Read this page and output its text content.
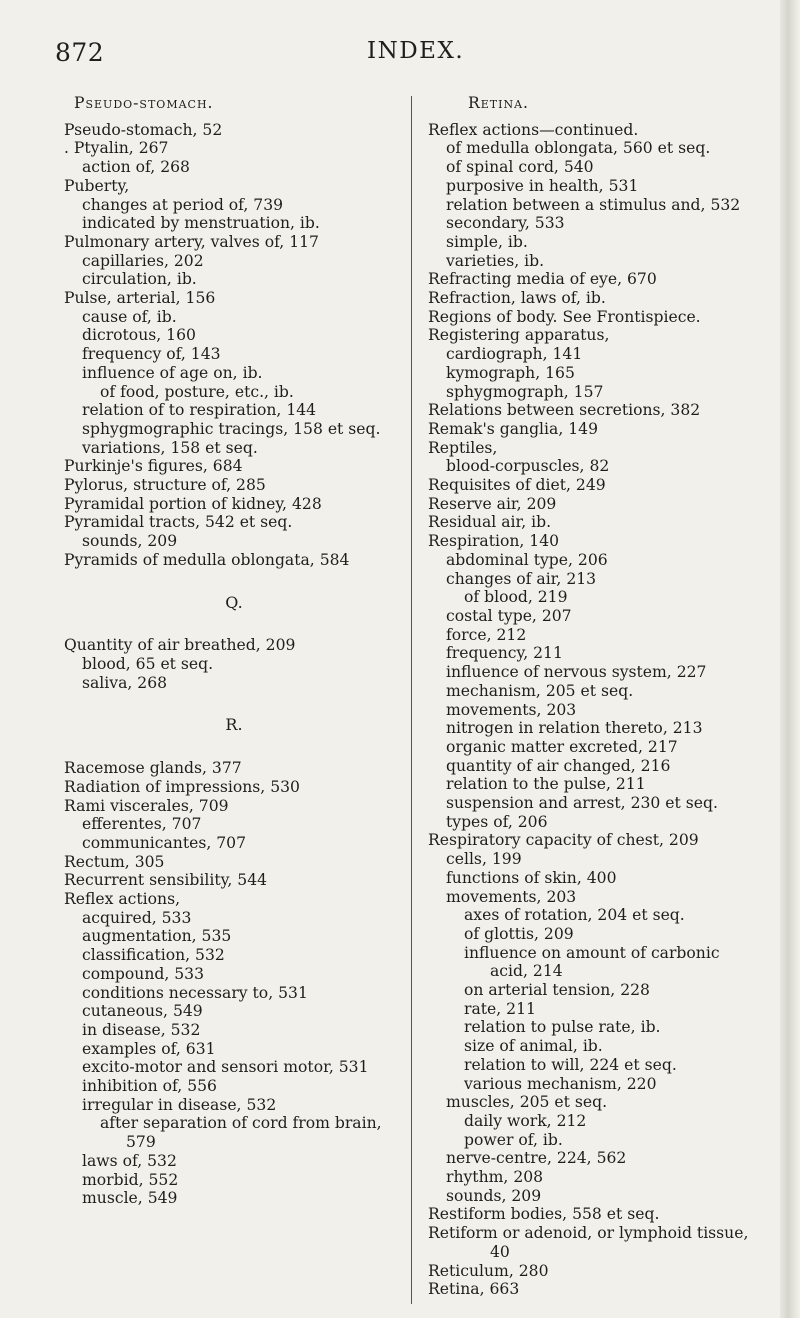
872	INDEX.
Pseudo-stomach.
Pseudo-stomach, 52
. Ptyalin, 267
action of, 268
Puberty,
changes at period of, 739
indicated by menstruation, ib.
Pulmonary artery, valves of, 117
capillaries, 202
circulation, ib.
Pulse, arterial, 156
cause of, ib.
dicrotous, 160
frequency of, 143
influence of age on, ib.
of food, posture, etc., ib.
relation of to respiration, 144
sphygmographic tracings, 158 et seq.
variations, 158 et seq.
Purkinje's figures, 684
Pylorus, structure of, 285
Pyramidal portion of kidney, 428
Pyramidal tracts, 542 et seq.
sounds, 209
Pyramids of medulla oblongata, 584
Q.
Quantity of air breathed, 209
blood, 65 et seq.
saliva, 268
R.
Racemose glands, 377
Radiation of impressions, 530
Rami viscerales, 709
efferentes, 707
communicantes, 707
Rectum, 305
Recurrent sensibility, 544
Reflex actions,
acquired, 533
augmentation, 535
classification, 532
compound, 533
conditions necessary to, 531
cutaneous, 549
in disease, 532
examples of, 631
excito-motor and sensori motor, 531
inhibition of, 556
irregular in disease, 532
after separation of cord from brain,
579
laws of, 532
morbid, 552
muscle, 549
Retina.
Reflex actions—continued.
of medulla oblongata, 560 et seq.
of spinal cord, 540
purposive in health, 531
relation between a stimulus and, 532
secondary, 533
simple, ib.
varieties, ib.
Refracting media of eye, 670
Refraction, laws of, ib.
Regions of body. See Frontispiece.
Registering apparatus,
cardiograph, 141
kymograph, 165
sphygmograph, 157
Relations between secretions, 382
Remak's ganglia, 149
Reptiles,
blood-corpuscles, 82
Requisites of diet, 249
Reserve air, 209
Residual air, ib.
Respiration, 140
abdominal type, 206
changes of air, 213
of blood, 219
costal type, 207
force, 212
frequency, 211
influence of nervous system, 227
mechanism, 205 et seq.
movements, 203
nitrogen in relation thereto, 213
organic matter excreted, 217
quantity of air changed, 216
relation to the pulse, 211
suspension and arrest, 230 et seq.
types of, 206
Respiratory capacity of chest, 209
cells, 199
functions of skin, 400
movements, 203
axes of rotation, 204 et seq.
of glottis, 209
influence on amount of carbonic
acid, 214
on arterial tension, 228
rate, 211
relation to pulse rate, ib.
size of animal, ib.
relation to will, 224 et seq.
various mechanism, 220
muscles, 205 et seq.
daily work, 212
power of, ib.
nerve-centre, 224, 562
rhythm, 208
sounds, 209
Restiform bodies, 558 et seq.
Retiform or adenoid, or lymphoid tissue,
40
Reticulum, 280
Retina, 663
